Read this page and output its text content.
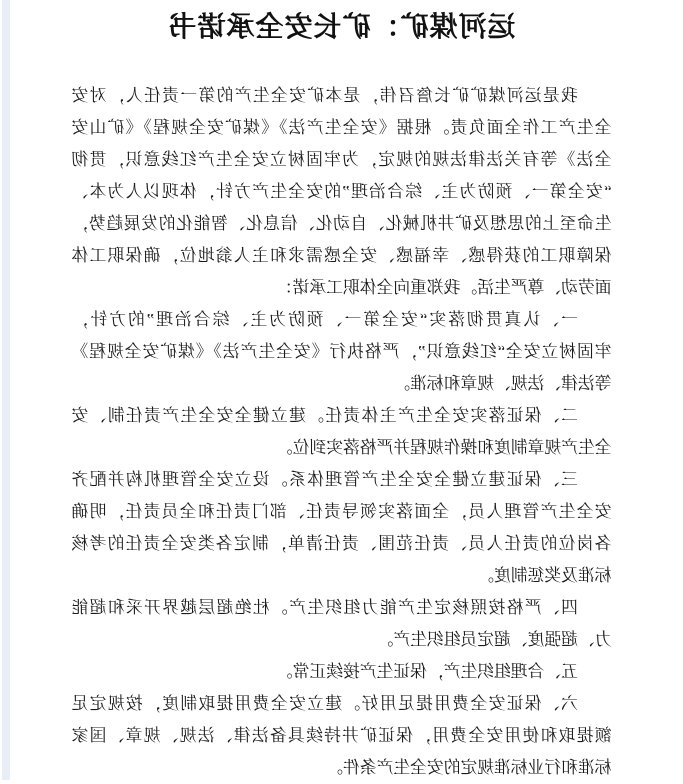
运河煤矿：矿长安全承诺书
我是运河煤矿矿长詹召伟，是本矿安全生产的第一责任人，对安
全生产工作全面负责。根据《安全生产法》《煤矿安全规程》《矿山安
全法》等有关法律法规的规定，为牢固树立安全生产红线意识，贯彻
“安全第一、预防为主、综合治理”的安全生产方针，体现以人为本、
生命至上的思想及矿井机械化、自动化、信息化、智能化的发展趋势，
保障职工的获得感、幸福感、安全感需求和主人翁地位，确保职工体
面劳动、尊严生活。我郑重向全体职工承诺：
一、认真贯彻落实“安全第一、预防为主、综合治理”的方针，
牢固树立安全“红线意识”，严格执行《安全生产法》《煤矿安全规程》
等法律、法规、规章和标准。
二、保证落实安全生产主体责任。建立健全安全生产责任制、安
全生产规章制度和操作规程并严格落实到位。
三、保证建立健全安全生产管理体系。设立安全管理机构并配齐
安全生产管理人员，全面落实领导责任、部门责任和全员责任，明确
各岗位的责任人员、责任范围、责任清单，制定各类安全责任的考核
标准及奖惩制度。
四、严格按照核定生产能力组织生产。杜绝超层越界开采和超能
力、超强度、超定员组织生产。
五、合理组织生产，保证生产接续正常。
六、保证安全费用提足用好。建立安全费用提取制度，按规定足
额提取和使用安全费用，保证矿井持续具备法律、法规、规章、国家
标准和行业标准规定的安全生产条件。
